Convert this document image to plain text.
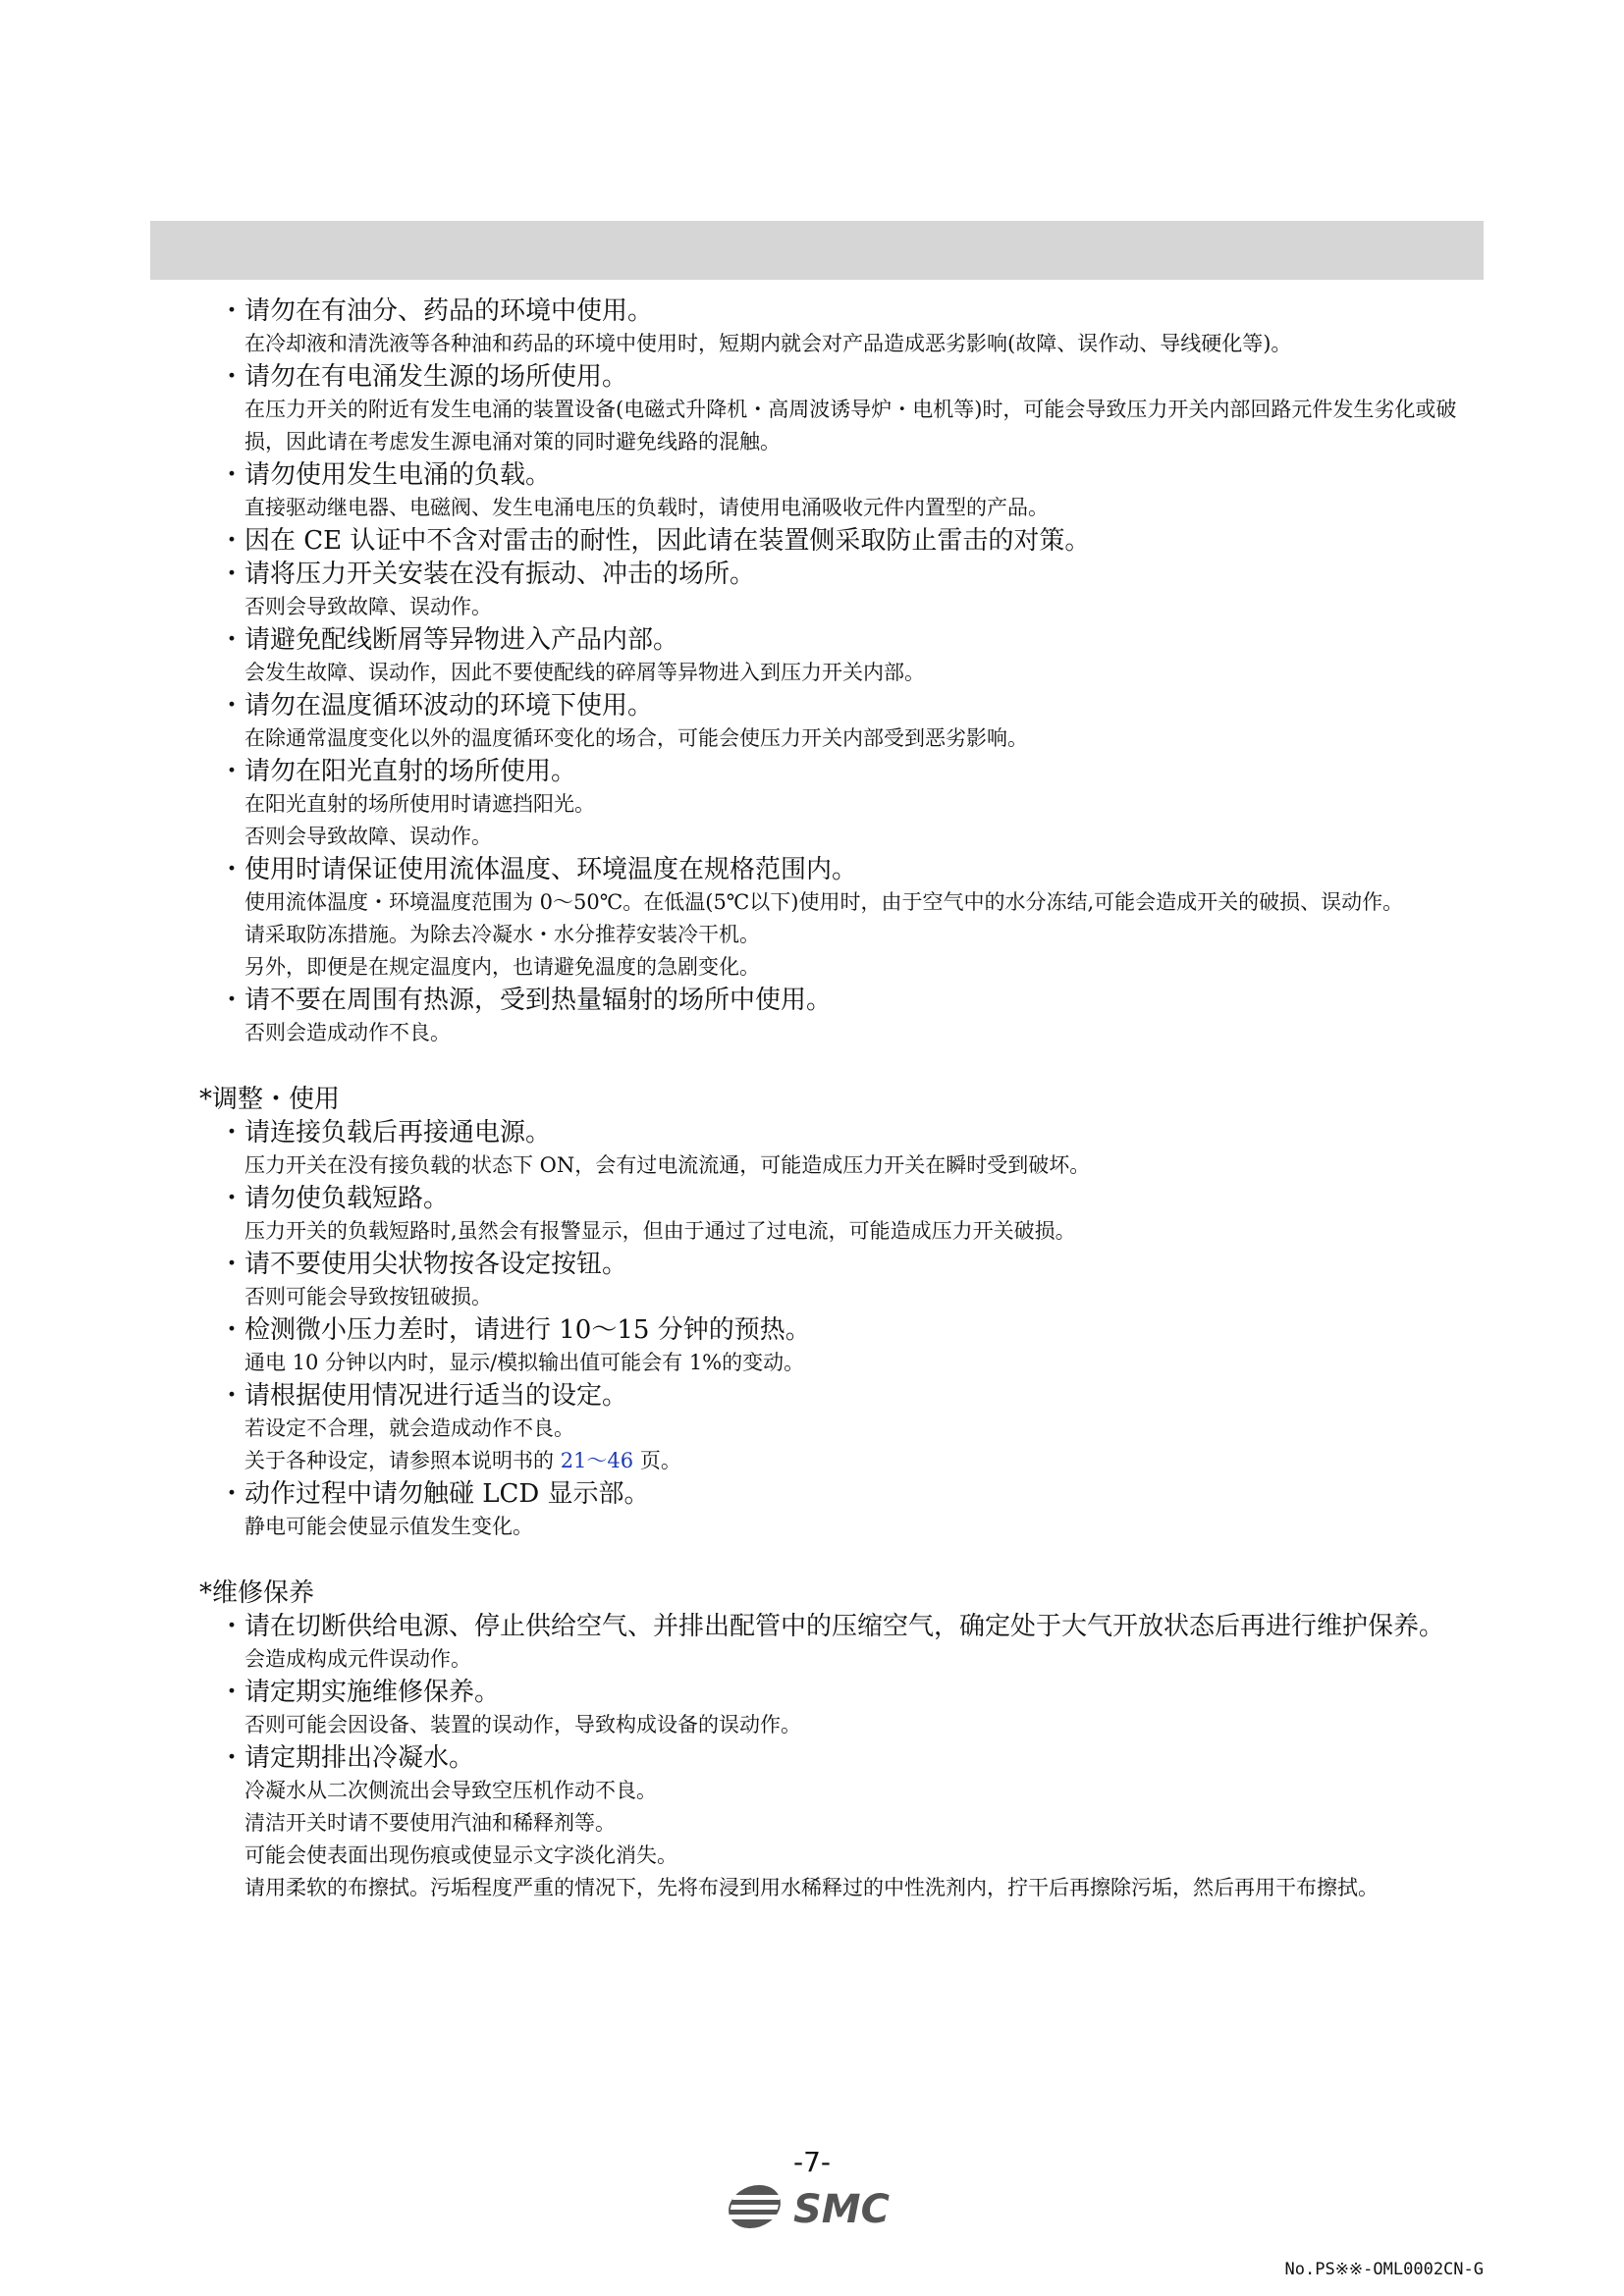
・请勿在有油分、药品的环境中使用。
在冷却液和清洗液等各种油和药品的环境中使用时，短期内就会对产品造成恶劣影响(故障、误作动、导线硬化等)。
・请勿在有电涌发生源的场所使用。
在压力开关的附近有发生电涌的装置设备(电磁式升降机・高周波诱导炉・电机等)时，可能会导致压力开关内部回路元件发生劣化或破损，因此请在考虑发生源电涌对策的同时避免线路的混触。
・请勿使用发生电涌的负载。
直接驱动继电器、电磁阀、发生电涌电压的负载时，请使用电涌吸收元件内置型的产品。
・因在 CE 认证中不含对雷击的耐性，因此请在装置侧采取防止雷击的对策。
・请将压力开关安装在没有振动、冲击的场所。
否则会导致故障、误动作。
・请避免配线断屑等异物进入产品内部。
会发生故障、误动作，因此不要使配线的碎屑等异物进入到压力开关内部。
・请勿在温度循环波动的环境下使用。
在除通常温度变化以外的温度循环变化的场合，可能会使压力开关内部受到恶劣影响。
・请勿在阳光直射的场所使用。
在阳光直射的场所使用时请遮挡阳光。
否则会导致故障、误动作。
・使用时请保证使用流体温度、环境温度在规格范围内。
使用流体温度・环境温度范围为 0～50℃。在低温(5℃以下)使用时，由于空气中的水分冻结,可能会造成开关的破损、误动作。
请采取防冻措施。为除去冷凝水・水分推荐安装冷干机。
另外，即便是在规定温度内，也请避免温度的急剧变化。
・请不要在周围有热源，受到热量辐射的场所中使用。
否则会造成动作不良。
*调整・使用
・请连接负载后再接通电源。
压力开关在没有接负载的状态下 ON，会有过电流流通，可能造成压力开关在瞬时受到破坏。
・请勿使负载短路。
压力开关的负载短路时,虽然会有报警显示，但由于通过了过电流，可能造成压力开关破损。
・请不要使用尖状物按各设定按钮。
否则可能会导致按钮破损。
・检测微小压力差时，请进行 10～15 分钟的预热。
通电 10 分钟以内时，显示/模拟输出值可能会有 1%的变动。
・请根据使用情况进行适当的设定。
若设定不合理，就会造成动作不良。
关于各种设定，请参照本说明书的 21～46 页。
・动作过程中请勿触碰 LCD 显示部。
静电可能会使显示值发生变化。
*维修保养
・请在切断供给电源、停止供给空气、并排出配管中的压缩空气，确定处于大气开放状态后再进行维护保养。
会造成构成元件误动作。
・请定期实施维修保养。
否则可能会因设备、装置的误动作，导致构成设备的误动作。
・请定期排出冷凝水。
冷凝水从二次侧流出会导致空压机作动不良。
清洁开关时请不要使用汽油和稀释剂等。
可能会使表面出现伤痕或使显示文字淡化消失。
请用柔软的布擦拭。污垢程度严重的情况下，先将布浸到用水稀释过的中性洗剂内，拧干后再擦除污垢，然后再用干布擦拭。
-7-
SMC
No.PS※※-OML0002CN-G
